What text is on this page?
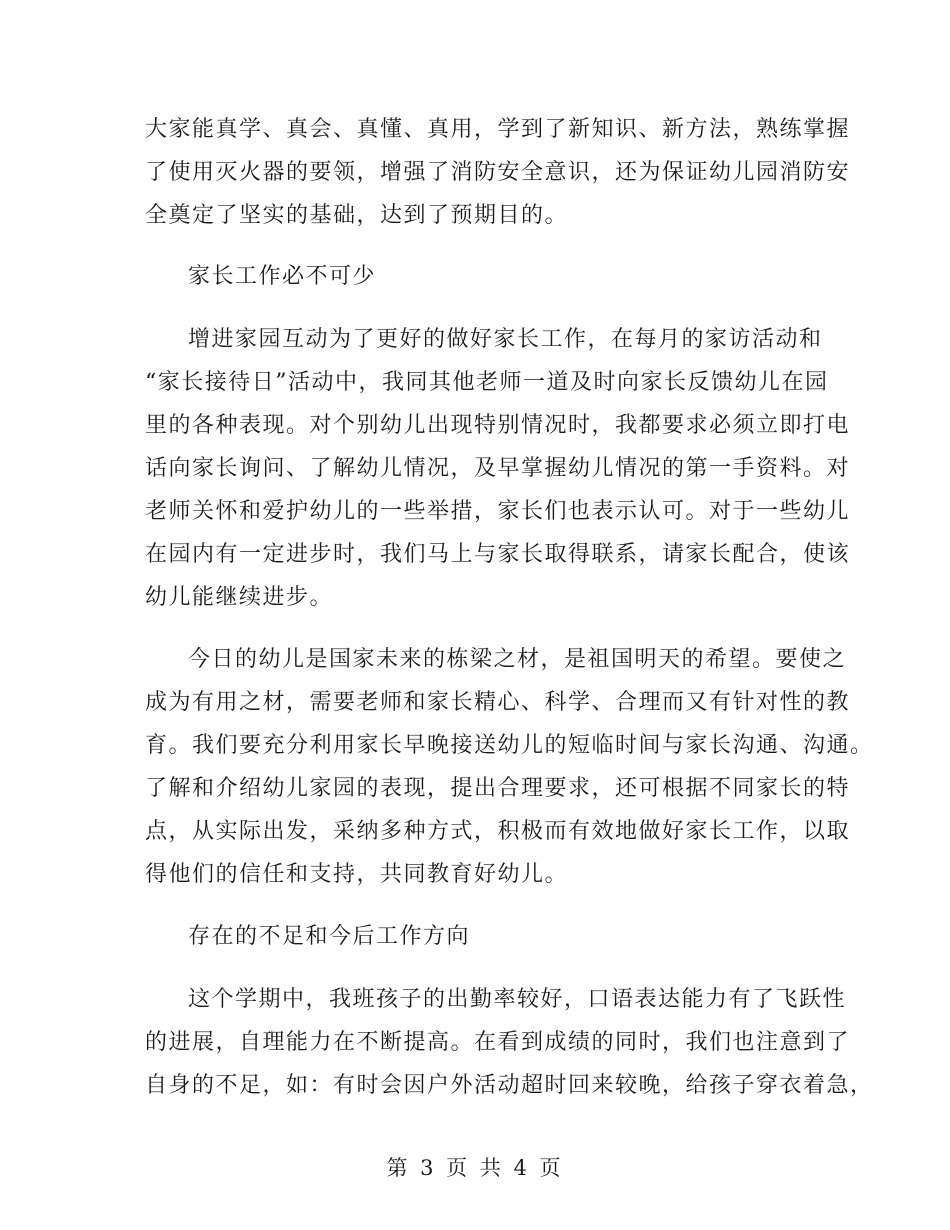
大家能真学、真会、真懂、真用，学到了新知识、新方法，熟练掌握
了使用灭火器的要领，增强了消防安全意识，还为保证幼儿园消防安
全奠定了坚实的基础，达到了预期目的。
家长工作必不可少
增进家园互动为了更好的做好家长工作，在每月的家访活动和
“家长接待日”活动中，我同其他老师一道及时向家长反馈幼儿在园
里的各种表现。对个别幼儿出现特别情况时，我都要求必须立即打电
话向家长询问、了解幼儿情况，及早掌握幼儿情况的第一手资料。对
老师关怀和爱护幼儿的一些举措，家长们也表示认可。对于一些幼儿
在园内有一定进步时，我们马上与家长取得联系，请家长配合，使该
幼儿能继续进步。
今日的幼儿是国家未来的栋梁之材，是祖国明天的希望。要使之
成为有用之材，需要老师和家长精心、科学、合理而又有针对性的教
育。我们要充分利用家长早晚接送幼儿的短临时间与家长沟通、沟通。
了解和介绍幼儿家园的表现，提出合理要求，还可根据不同家长的特
点，从实际出发，采纳多种方式，积极而有效地做好家长工作，以取
得他们的信任和支持，共同教育好幼儿。
存在的不足和今后工作方向
这个学期中，我班孩子的出勤率较好，口语表达能力有了飞跃性
的进展，自理能力在不断提高。在看到成绩的同时，我们也注意到了
自身的不足，如：有时会因户外活动超时回来较晚，给孩子穿衣着急，
第 3 页 共 4 页
